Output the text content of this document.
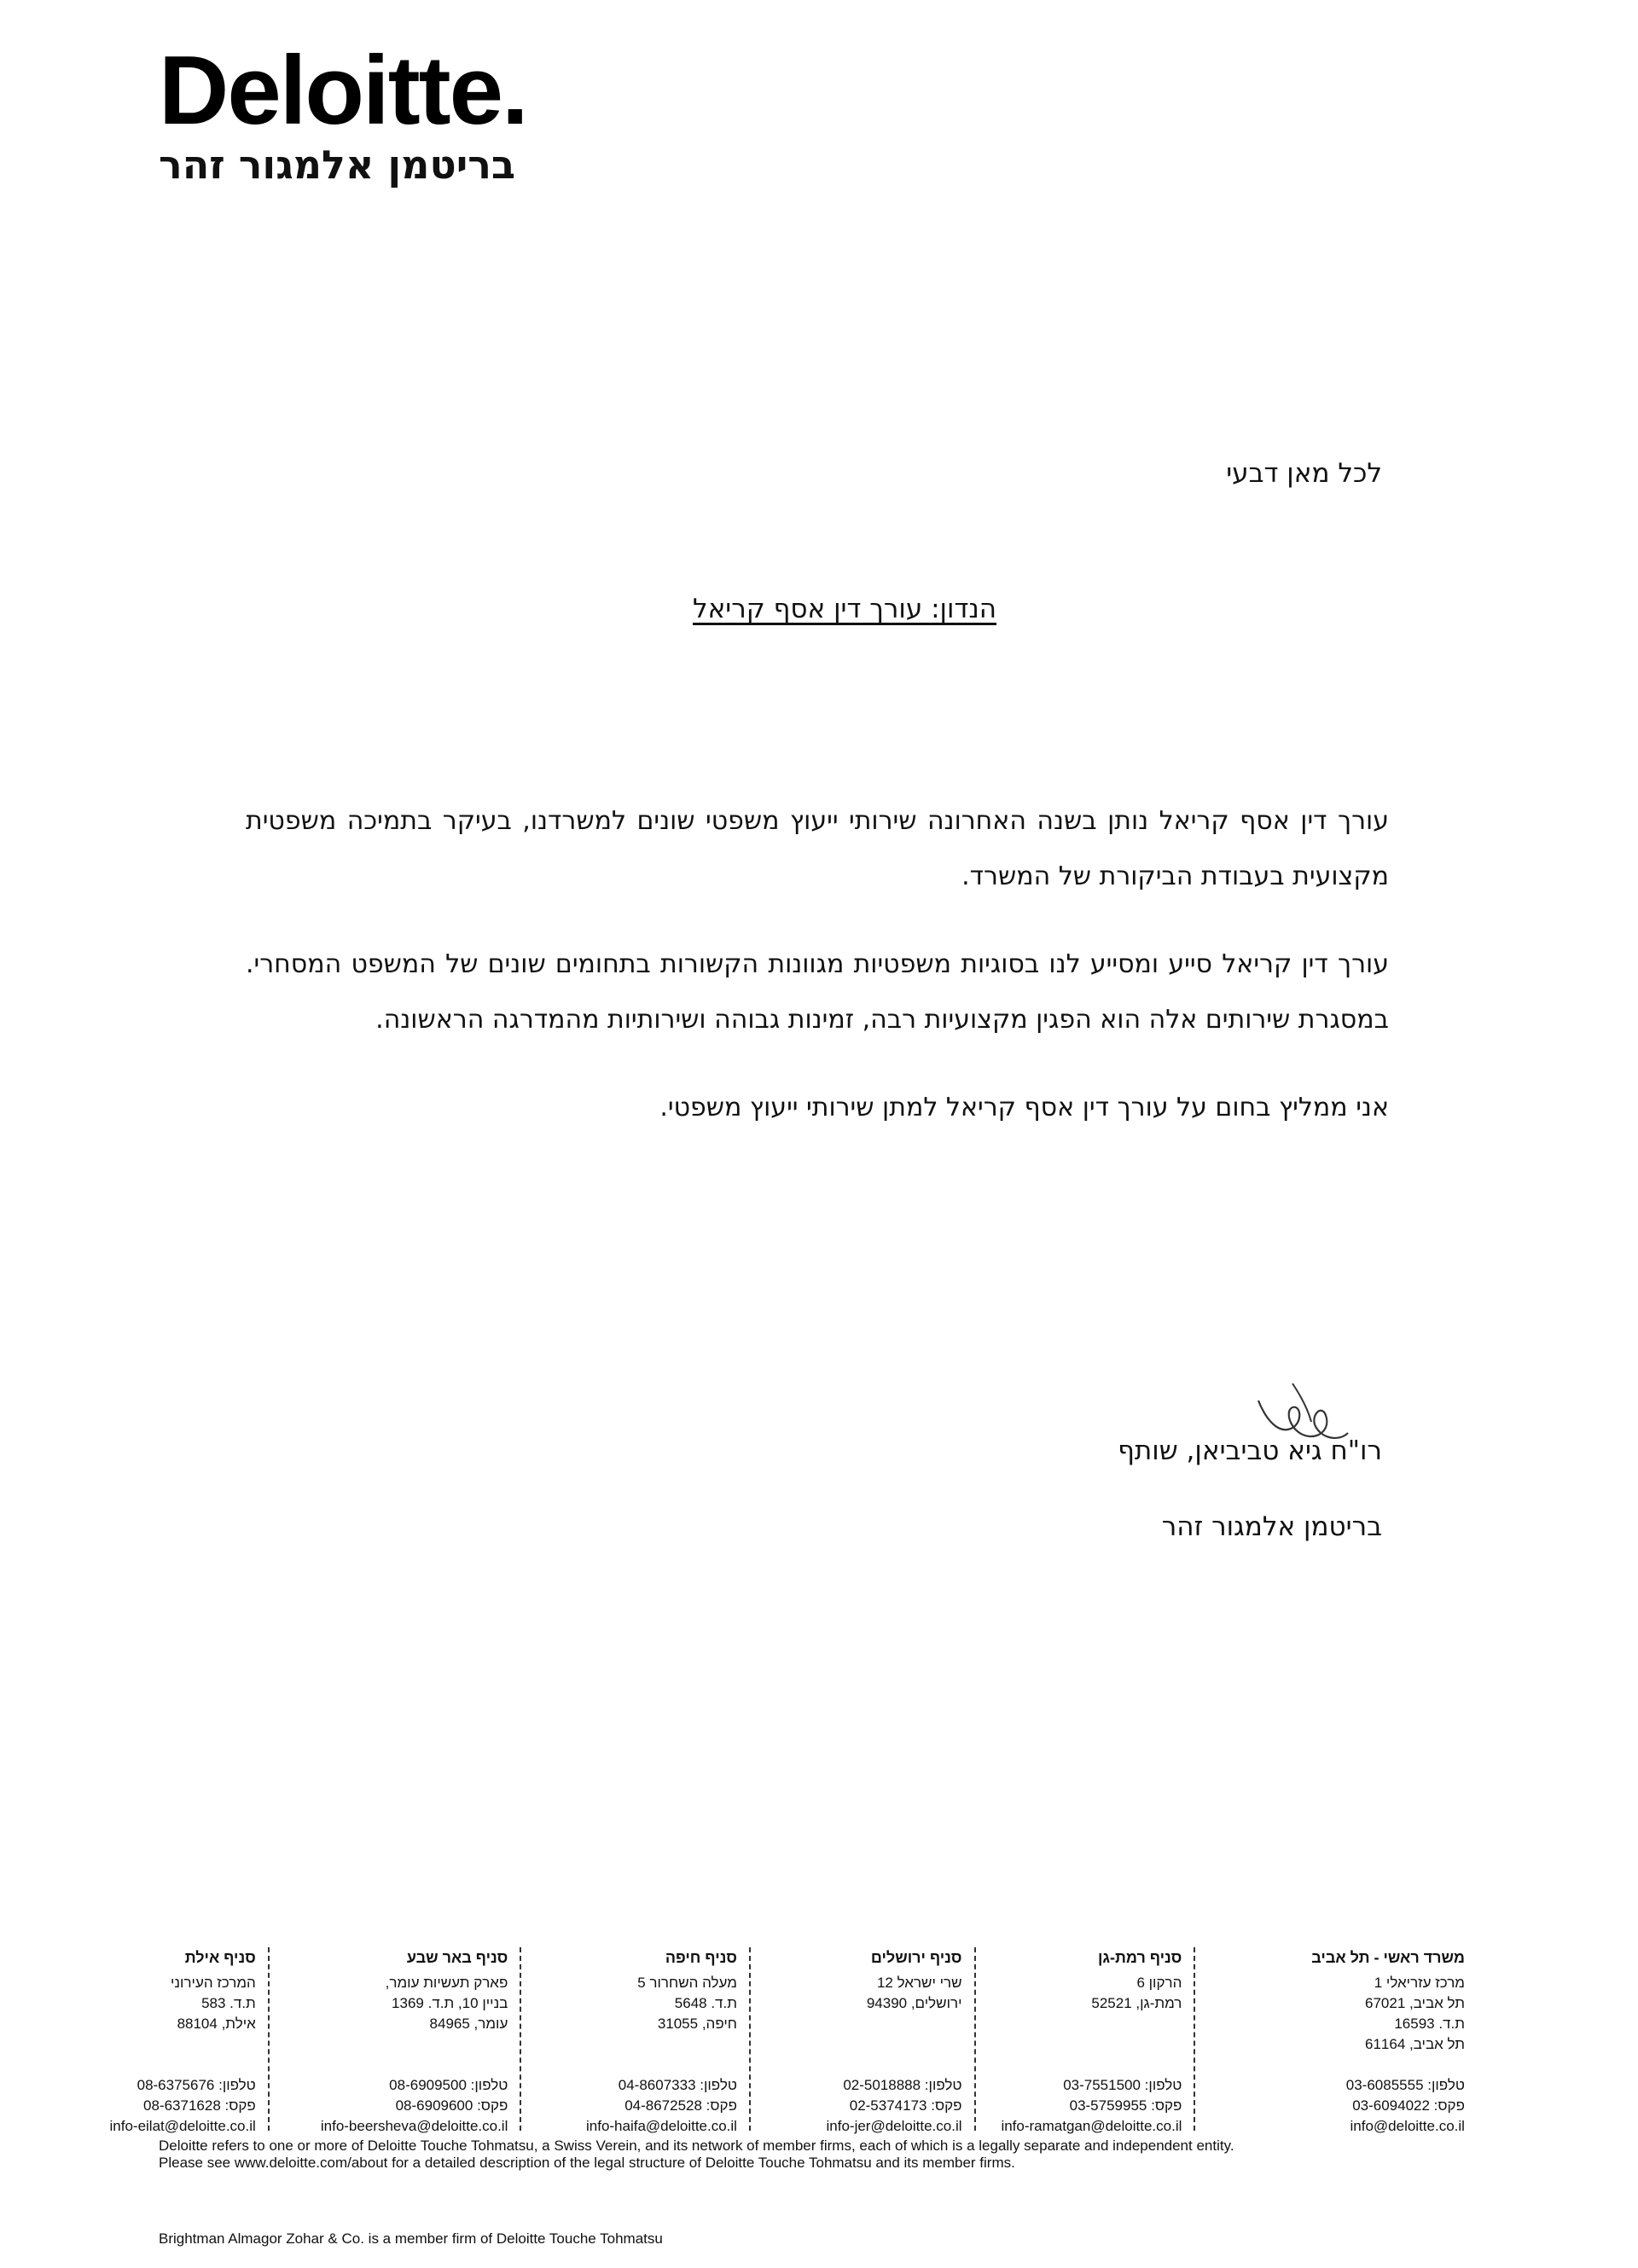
Deloitte.
בריטמן אלמגור זהר
לכל מאן דבעי
הנדון: עורך דין אסף קריאל

עורך דין אסף קריאל נותן בשנה האחרונה שירותי ייעוץ משפטי שונים למשרדנו, בעיקר בתמיכה משפטית מקצועית בעבודת הביקורת של המשרד.

עורך דין קריאל סייע ומסייע לנו בסוגיות משפטיות מגוונות הקשורות בתחומים שונים של המשפט המסחרי. במסגרת שירותים אלה הוא הפגין מקצועיות רבה, זמינות גבוהה ושירותיות מהמדרגה הראשונה.

אני ממליץ בחום על עורך דין אסף קריאל למתן שירותי ייעוץ משפטי.

רו"ח גיא טביביאן, שותף
בריטמן אלמגור זהר
משרד ראשי - תל אביב
מרכז עזריאלי 1
תל אביב, 67021
ת.ד. 16593
תל אביב, 61164
טלפון: 03-6085555
פקס: 03-6094022
info@deloitte.co.il
סניף רמת-גן
הרקון 6
רמת-גן, 52521
טלפון: 03-7551500
פקס: 03-5759955
info-ramatgan@deloitte.co.il
סניף ירושלים
שרי ישראל 12
ירושלים, 94390
טלפון: 02-5018888
פקס: 02-5374173
info-jer@deloitte.co.il
סניף חיפה
מעלה השחרור 5
ת.ד. 5648
חיפה, 31055
טלפון: 04-8607333
פקס: 04-8672528
info-haifa@deloitte.co.il
סניף באר שבע
פארק תעשיות עומר,
בניין 10, ת.ד. 1369
עומר, 84965
טלפון: 08-6909500
פקס: 08-6909600
info-beersheva@deloitte.co.il
סניף אילת
המרכז העירוני
ת.ד. 583
אילת, 88104
טלפון: 08-6375676
פקס: 08-6371628
info-eilat@deloitte.co.il
Deloitte refers to one or more of Deloitte Touche Tohmatsu, a Swiss Verein, and its network of member firms, each of which is a legally separate and independent entity.
Please see www.deloitte.com/about for a detailed description of the legal structure of Deloitte Touche Tohmatsu and its member firms.
Brightman Almagor Zohar & Co. is a member firm of Deloitte Touche Tohmatsu
